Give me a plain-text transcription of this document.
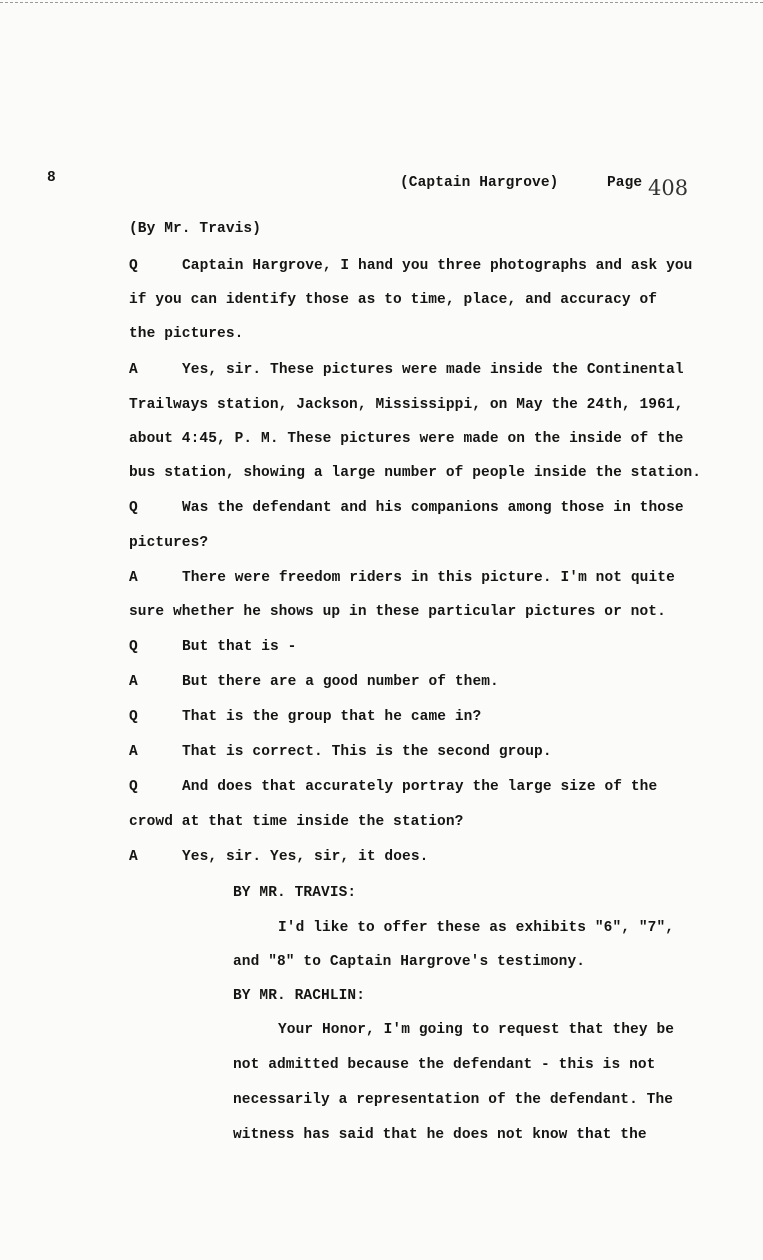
8	(Captain Hargrove)	Page 408
(By Mr. Travis)
Q	Captain Hargrove, I hand you three photographs and ask you
if you can identify those as to time, place, and accuracy of
the pictures.
A	Yes, sir. These pictures were made inside the Continental
Trailways station, Jackson, Mississippi, on May the 24th, 1961,
about 4:45, P. M. These pictures were made on the inside of the
bus station, showing a large number of people inside the station.
Q	Was the defendant and his companions among those in those
pictures?
A	There were freedom riders in this picture. I'm not quite
sure whether he shows up in these particular pictures or not.
Q	But that is -
A	But there are a good number of them.
Q	That is the group that he came in?
A	That is correct. This is the second group.
Q	And does that accurately portray the large size of the
crowd at that time inside the station?
A	Yes, sir. Yes, sir, it does.
BY MR. TRAVIS:
I'd like to offer these as exhibits "6", "7",
and "8" to Captain Hargrove's testimony.
BY MR. RACHLIN:
Your Honor, I'm going to request that they be
not admitted because the defendant - this is not
necessarily a representation of the defendant. The
witness has said that he does not know that the
